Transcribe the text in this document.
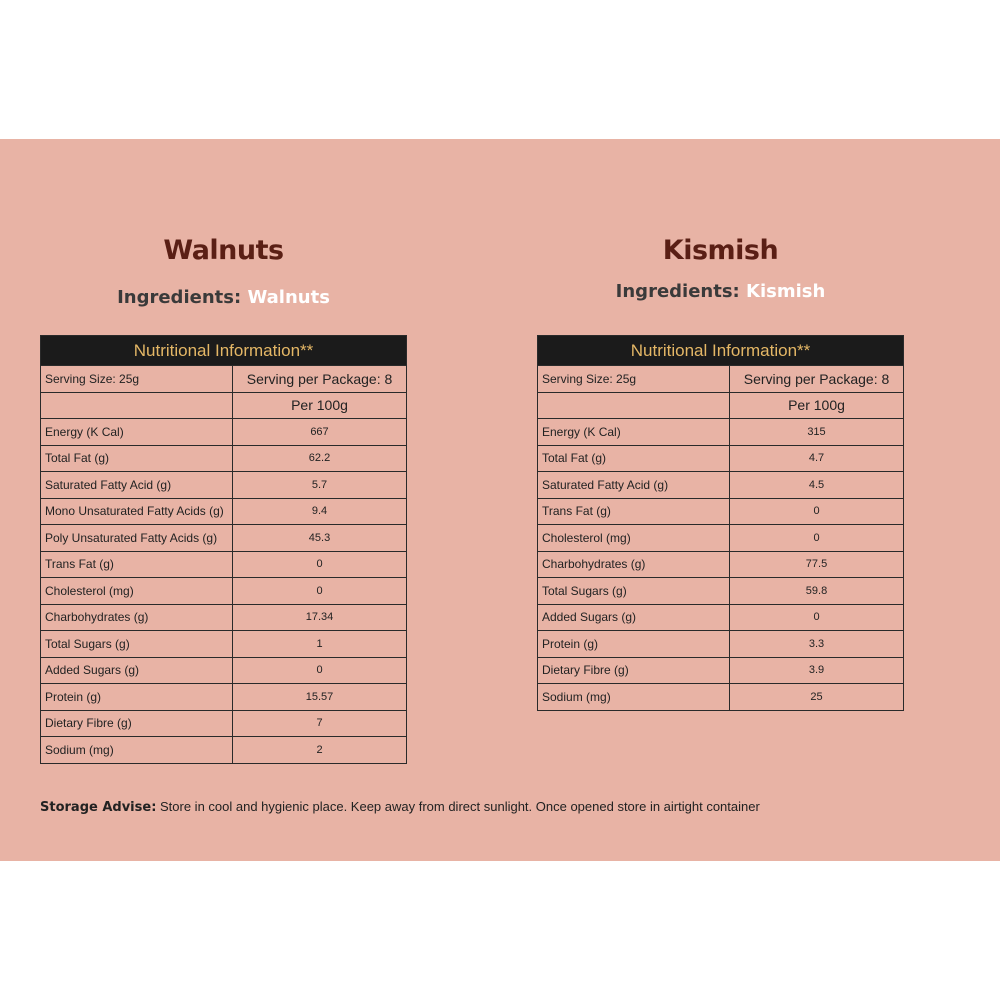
Walnuts
Ingredients: Walnuts
Nutritional Information**	
Serving Size: 25g	Serving per Package: 8
	Per 100g
Energy (K Cal)	667
Total Fat (g)	62.2
Saturated Fatty Acid (g)	5.7
Mono Unsaturated Fatty Acids (g)	9.4
Poly Unsaturated Fatty Acids (g)	45.3
Trans Fat (g)	0
Cholesterol (mg)	0
Charbohydrates (g)	17.34
Total Sugars (g)	1
Added Sugars (g)	0
Protein (g)	15.57
Dietary Fibre (g)	7
Sodium (mg)	2
Kismish
Ingredients: Kismish
Nutritional Information**	
Serving Size: 25g	Serving per Package: 8
	Per 100g
Energy (K Cal)	315
Total Fat (g)	4.7
Saturated Fatty Acid (g)	4.5
Trans Fat (g)	0
Cholesterol (mg)	0
Charbohydrates (g)	77.5
Total Sugars (g)	59.8
Added Sugars (g)	0
Protein (g)	3.3
Dietary Fibre (g)	3.9
Sodium (mg)	25
Storage Advise: Store in cool and hygienic place. Keep away from direct sunlight. Once opened store in airtight container
